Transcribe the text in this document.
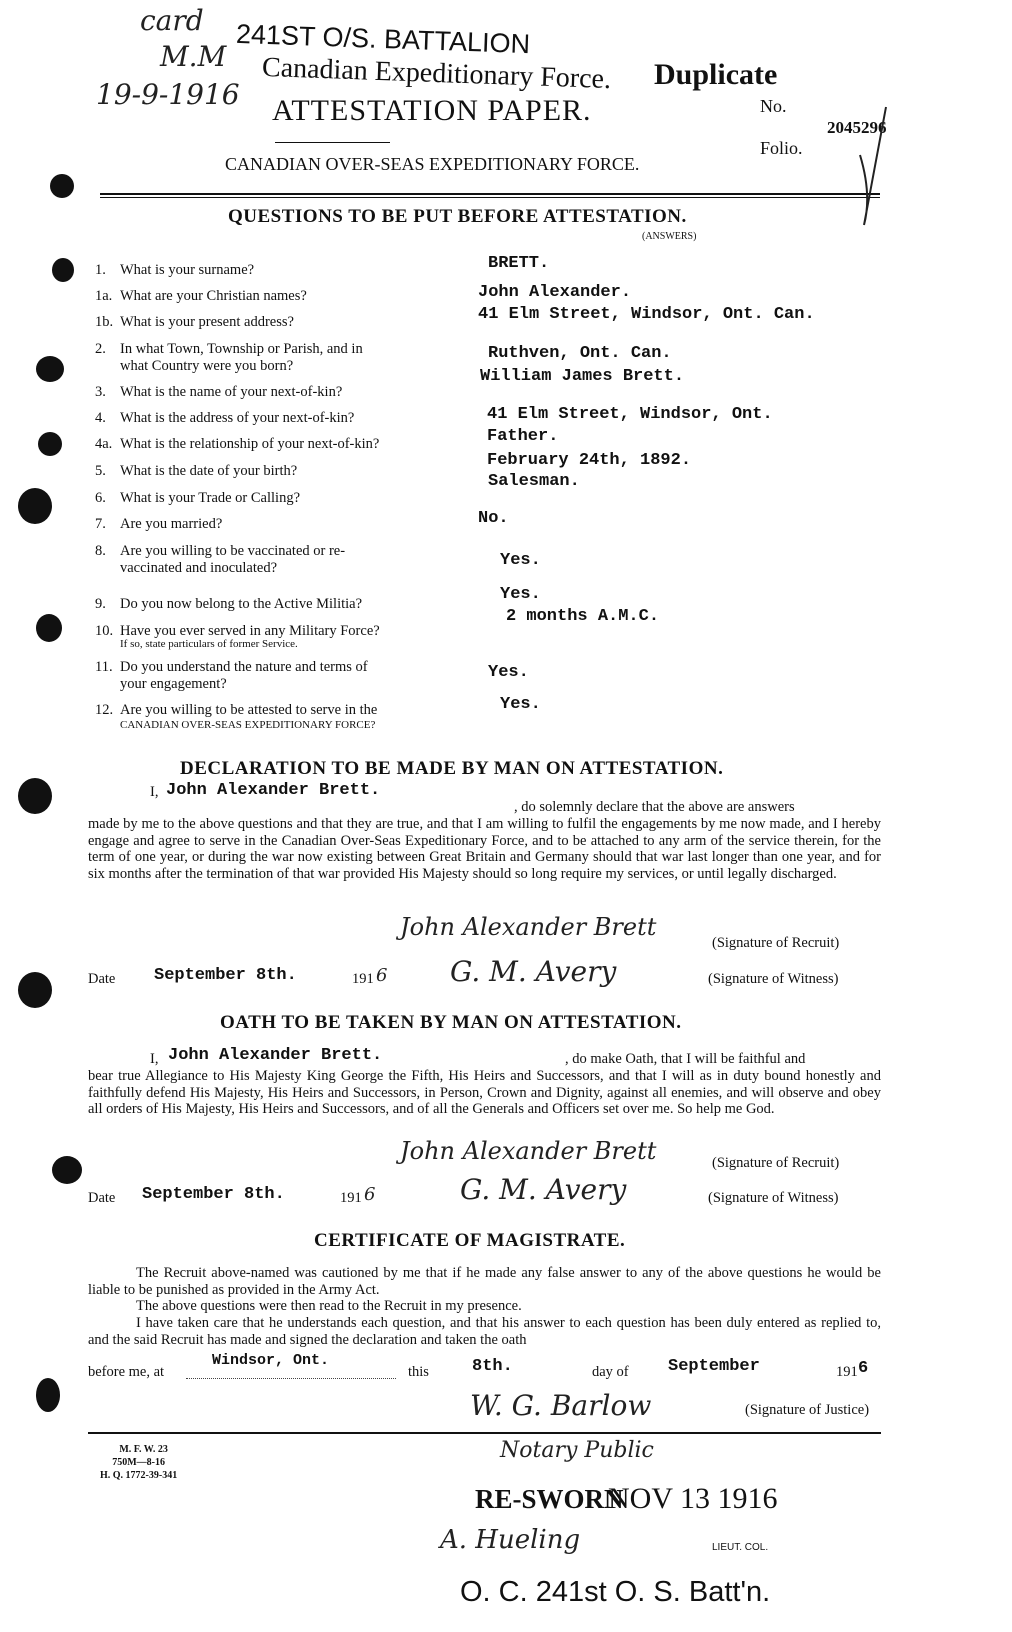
card
M.M
19-9-1916
241ST O/S. BATTALION
Canadian Expeditionary Force.
ATTESTATION PAPER.
Duplicate
No.
2045296
Folio.
CANADIAN OVER-SEAS EXPEDITIONARY FORCE.
QUESTIONS TO BE PUT BEFORE ATTESTATION.
(ANSWERS)
1. What is your surname?	BRETT.
1a. What are your Christian names?	John Alexander.
1b. What is your present address?	41 Elm Street, Windsor, Ont. Can.
2. In what Town, Township or Parish, and in
what Country were you born?
Ruthven, Ont. Can.
3. What is the name of your next-of-kin?
William James Brett.
4. What is the address of your next-of-kin?	41 Elm Street, Windsor, Ont.
4a. What is the relationship of your next-of-kin?	Father.
5. What is the date of your birth?
February 24th, 1892.
6. What is your Trade or Calling?
Salesman.
7. Are you married?	No.
8. Are you willing to be vaccinated or re-
vaccinated and inoculated?	Yes.
9. Do you now belong to the Active Militia?	Yes.
10. Have you ever served in any Military Force?
If so, state particulars of former Service.
2 months A.M.C.
11. Do you understand the nature and terms of
your engagement?
Yes.
12. Are you willing to be attested to serve in the
CANADIAN OVER-SEAS EXPEDITIONARY FORCE?
Yes.
DECLARATION TO BE MADE BY MAN ON ATTESTATION.
I, John Alexander Brett.
, do solemnly declare that the above are answers
made by me to the above questions and that they are true, and that I am willing to fulfil the engagements by me now made, and I hereby engage and agree to serve in the Canadian Over-Seas Expeditionary Force, and to be attached to any arm of the service therein, for the term of one year, or during the war now existing between Great Britain and Germany should that war last longer than one year, and for six months after the termination of that war provided His Majesty should so long require my services, or until legally discharged.
John Alexander Brett
(Signature of Recruit)
Date September 8th.	191 6 G. M. Avery	(Signature of Witness)
OATH TO BE TAKEN BY MAN ON ATTESTATION.
I, John Alexander Brett.	, do make Oath, that I will be faithful and
bear true Allegiance to His Majesty King George the Fifth, His Heirs and Successors, and that I will as in duty bound honestly and faithfully defend His Majesty, His Heirs and Successors, in Person, Crown and Dignity, against all enemies, and will observe and obey all orders of His Majesty, His Heirs and Successors, and of all the Generals and Officers set over me. So help me God.
John Alexander Brett	(Signature of Recruit)
Date September 8th.	191 6	G. M. Avery	(Signature of Witness)
CERTIFICATE OF MAGISTRATE.
The Recruit above-named was cautioned by me that if he made any false answer to any of the above questions he would be liable to be punished as provided in the Army Act.
The above questions were then read to the Recruit in my presence.
I have taken care that he understands each question, and that his answer to each question has been duly entered as replied to, and the said Recruit has made and signed the declaration and taken the oath
before me, at
Windsor, Ont.
this	8th.	day of September	191 6
W. G. Barlow	(Signature of Justice)
Notary Public
M. F. W. 23
750M—8-16
H. Q. 1772-39-341
RE-SWORN
NOV 13 1916
A. Hueling	LIEUT. COL.
O. C. 241st O. S. Batt'n.
